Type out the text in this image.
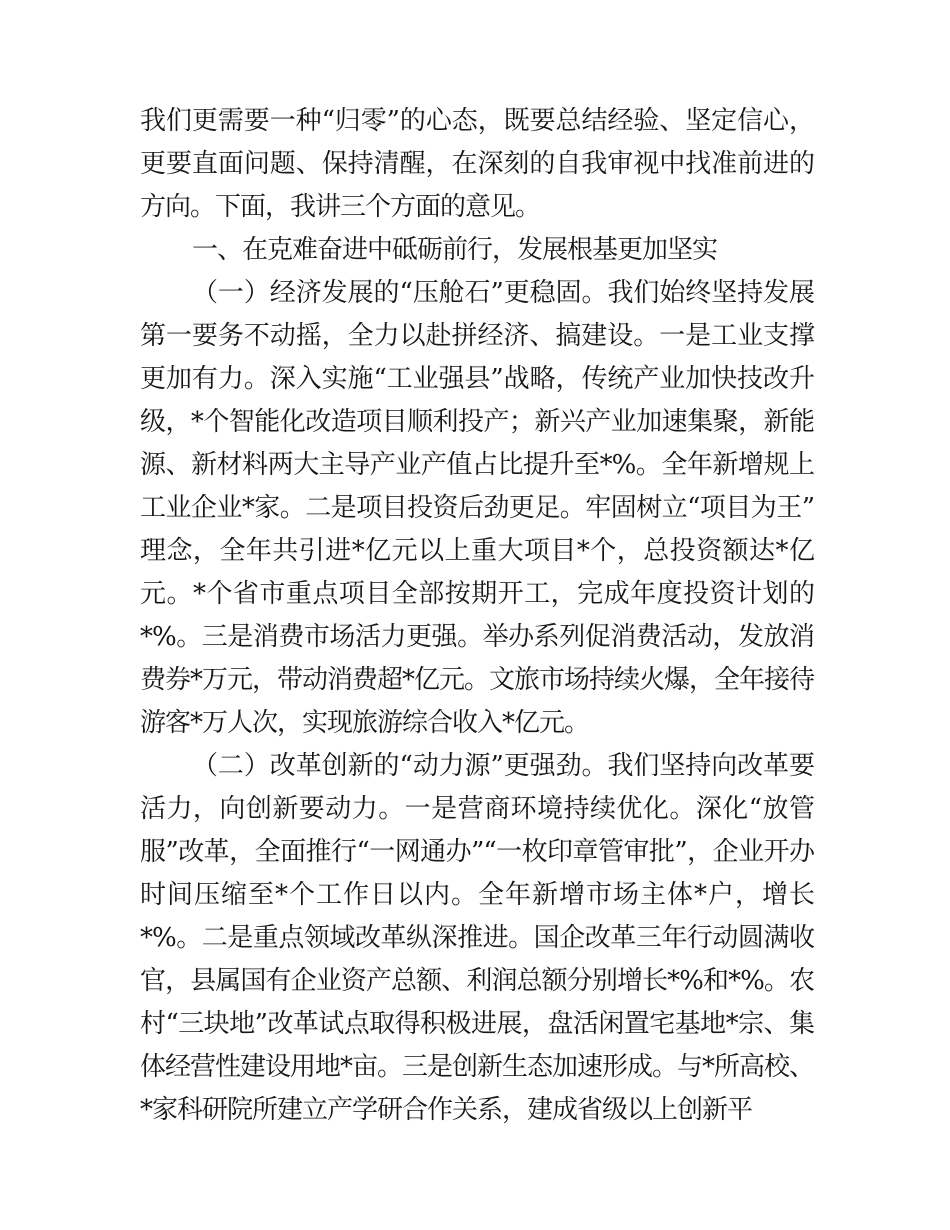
我们更需要一种“归零”的心态，既要总结经验、坚定信心，更要直面问题、保持清醒，在深刻的自我审视中找准前进的方向。下面，我讲三个方面的意见。

一、在克难奋进中砥砺前行，发展根基更加坚实

（一）经济发展的“压舱石”更稳固。我们始终坚持发展第一要务不动摇，全力以赴拼经济、搞建设。一是工业支撑更加有力。深入实施“工业强县”战略，传统产业加快技改升级，*个智能化改造项目顺利投产；新兴产业加速集聚，新能源、新材料两大主导产业产值占比提升至*%。全年新增规上工业企业*家。二是项目投资后劲更足。牢固树立“项目为王”理念，全年共引进*亿元以上重大项目*个，总投资额达*亿元。*个省市重点项目全部按期开工，完成年度投资计划的*%。三是消费市场活力更强。举办系列促消费活动，发放消费券*万元，带动消费超*亿元。文旅市场持续火爆，全年接待游客*万人次，实现旅游综合收入*亿元。

（二）改革创新的“动力源”更强劲。我们坚持向改革要活力，向创新要动力。一是营商环境持续优化。深化“放管服”改革，全面推行“一网通办”“一枚印章管审批”，企业开办时间压缩至*个工作日以内。全年新增市场主体*户，增长*%。二是重点领域改革纵深推进。国企改革三年行动圆满收官，县属国有企业资产总额、利润总额分别增长*%和*%。农村“三块地”改革试点取得积极进展，盘活闲置宅基地*宗、集体经营性建设用地*亩。三是创新生态加速形成。与*所高校、*家科研院所建立产学研合作关系，建成省级以上创新平
